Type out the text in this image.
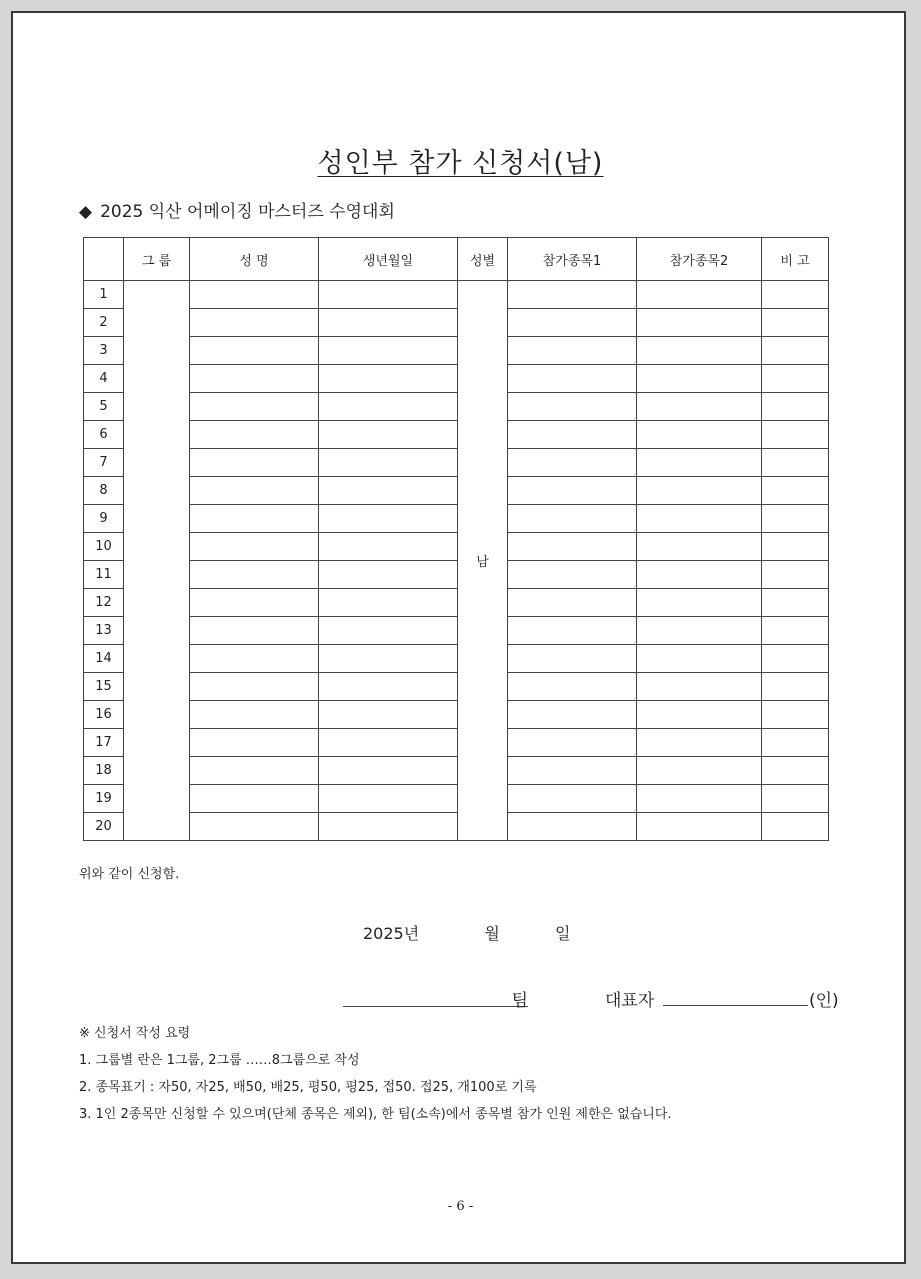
성인부 참가 신청서(남)
◆ 2025 익산 어메이징 마스터즈 수영대회
	그 룹	성 명	생년월일	성별	참가종목1	참가종목2	비 고
1				남			
2							
3							
4							
5							
6							
7							
8							
9							
10							
11							
12							
13							
14							
15							
16							
17							
18							
19							
20							
위와 같이 신청함.
2025년	월	일
팀	대표자	(인)
※ 신청서 작성 요령
1. 그룹별 란은 1그룹, 2그룹 ……8그룹으로 작성
2. 종목표기 : 자50, 자25, 배50, 배25, 평50, 평25, 접50. 접25, 개100로 기록
3. 1인 2종목만 신청할 수 있으며(단체 종목은 제외), 한 팀(소속)에서 종목별 참가 인원 제한은 없습니다.
- 6 -
